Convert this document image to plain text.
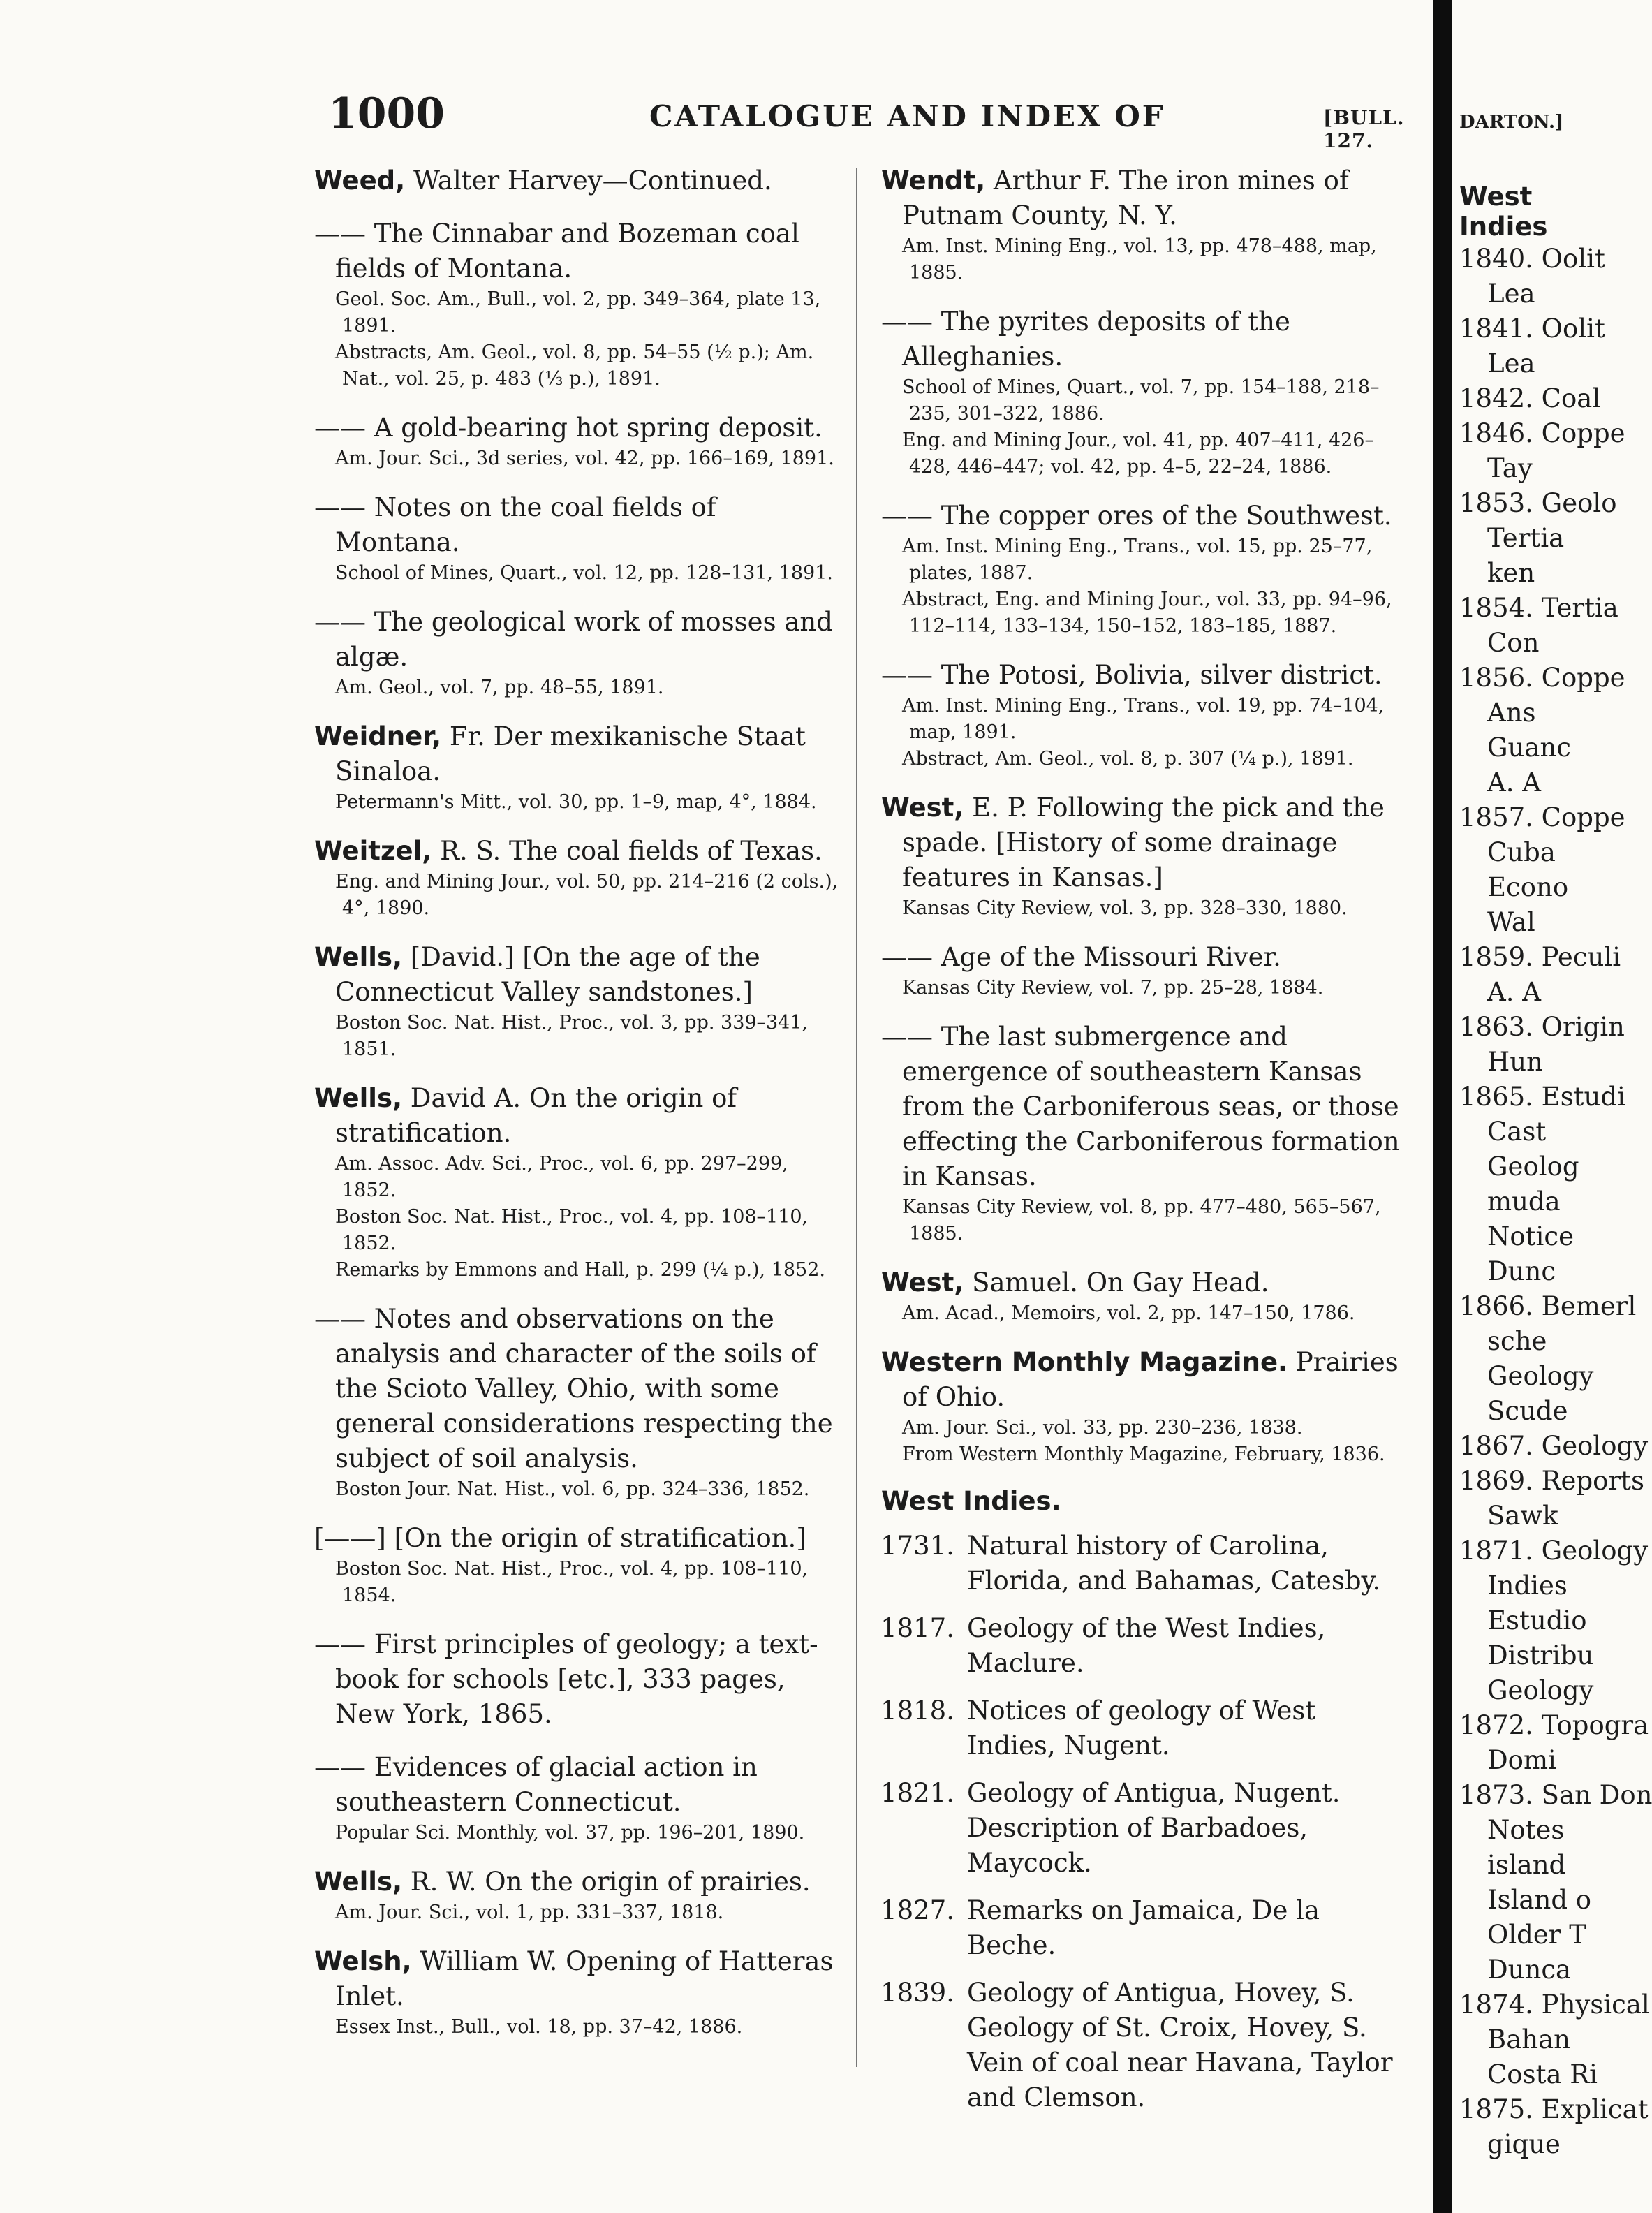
1000	CATALOGUE AND INDEX OF	[BULL. 127.
Weed, Walter Harvey—Continued.
—— The Cinnabar and Bozeman coal fields of Montana.
Geol. Soc. Am., Bull., vol. 2, pp. 349–364, plate 13, 1891.
Abstracts, Am. Geol., vol. 8, pp. 54–55 (½ p.); Am. Nat., vol. 25, p. 483 (⅓ p.), 1891.
—— A gold-bearing hot spring deposit.
Am. Jour. Sci., 3d series, vol. 42, pp. 166–169, 1891.
—— Notes on the coal fields of Montana.
School of Mines, Quart., vol. 12, pp. 128–131, 1891.
—— The geological work of mosses and algæ.
Am. Geol., vol. 7, pp. 48–55, 1891.
Weidner, Fr. Der mexikanische Staat Sinaloa.
Petermann's Mitt., vol. 30, pp. 1–9, map, 4°, 1884.
Weitzel, R. S. The coal fields of Texas.
Eng. and Mining Jour., vol. 50, pp. 214–216 (2 cols.), 4°, 1890.
Wells, [David.] [On the age of the Connecticut Valley sandstones.]
Boston Soc. Nat. Hist., Proc., vol. 3, pp. 339–341, 1851.
Wells, David A. On the origin of stratification.
Am. Assoc. Adv. Sci., Proc., vol. 6, pp. 297–299, 1852.
Boston Soc. Nat. Hist., Proc., vol. 4, pp. 108–110, 1852.
Remarks by Emmons and Hall, p. 299 (¼ p.), 1852.
—— Notes and observations on the analysis and character of the soils of the Scioto Valley, Ohio, with some general considerations respecting the subject of soil analysis.
Boston Jour. Nat. Hist., vol. 6, pp. 324–336, 1852.
[——] [On the origin of stratification.]
Boston Soc. Nat. Hist., Proc., vol. 4, pp. 108–110, 1854.
—— First principles of geology; a text-book for schools [etc.], 333 pages, New York, 1865.
—— Evidences of glacial action in southeastern Connecticut.
Popular Sci. Monthly, vol. 37, pp. 196–201, 1890.
Wells, R. W. On the origin of prairies.
Am. Jour. Sci., vol. 1, pp. 331–337, 1818.
Welsh, William W. Opening of Hatteras Inlet.
Essex Inst., Bull., vol. 18, pp. 37–42, 1886.
Wendt, Arthur F. The iron mines of Putnam County, N. Y.
Am. Inst. Mining Eng., vol. 13, pp. 478–488, map, 1885.
—— The pyrites deposits of the Alleghanies.
School of Mines, Quart., vol. 7, pp. 154–188, 218–235, 301–322, 1886.
Eng. and Mining Jour., vol. 41, pp. 407–411, 426–428, 446–447; vol. 42, pp. 4–5, 22–24, 1886.
—— The copper ores of the Southwest.
Am. Inst. Mining Eng., Trans., vol. 15, pp. 25–77, plates, 1887.
Abstract, Eng. and Mining Jour., vol. 33, pp. 94–96, 112–114, 133–134, 150–152, 183–185, 1887.
—— The Potosi, Bolivia, silver district.
Am. Inst. Mining Eng., Trans., vol. 19, pp. 74–104, map, 1891.
Abstract, Am. Geol., vol. 8, p. 307 (¼ p.), 1891.
West, E. P. Following the pick and the spade. [History of some drainage features in Kansas.]
Kansas City Review, vol. 3, pp. 328–330, 1880.
—— Age of the Missouri River.
Kansas City Review, vol. 7, pp. 25–28, 1884.
—— The last submergence and emergence of southeastern Kansas from the Carboniferous seas, or those effecting the Carboniferous formation in Kansas.
Kansas City Review, vol. 8, pp. 477–480, 565–567, 1885.
West, Samuel. On Gay Head.
Am. Acad., Memoirs, vol. 2, pp. 147–150, 1786.
Western Monthly Magazine. Prairies of Ohio.
Am. Jour. Sci., vol. 33, pp. 230–236, 1838.
From Western Monthly Magazine, February, 1836.
West Indies.
1731. Natural history of Carolina, Florida, and Bahamas, Catesby.
1817. Geology of the West Indies, Maclure.
1818. Notices of geology of West Indies, Nugent.
1821. Geology of Antigua, Nugent. Description of Barbadoes, Maycock.
1827. Remarks on Jamaica, De la Beche.
1839. Geology of Antigua, Hovey, S. Geology of St. Croix, Hovey, S. Vein of coal near Havana, Taylor and Clemson.
DARTON.]
West Indies
1840. Oolit
Lea
1841. Oolit
Lea
1842. Coal
1846. Coppe
Tay
1853. Geolo
Tertia
ken
1854. Tertia
Con
1856. Coppe
Ans
Guanc
A. A
1857. Coppe
Cuba
Econo
Wal
1859. Peculi
A. A
1863. Origin
Hun
1865. Estudi
Cast
Geolog
muda
Notice
Dunc
1866. Bemerl
sche
Geology
Scude
1867. Geology
1869. Reports
Sawk
1871. Geology
Indies
Estudio
Distribu
Geology
1872. Topogra
Domi
1873. San Don
Notes
island
Island o
Older T
Dunca
1874. Physical
Bahan
Costa Ri
1875. Explicat
gique
